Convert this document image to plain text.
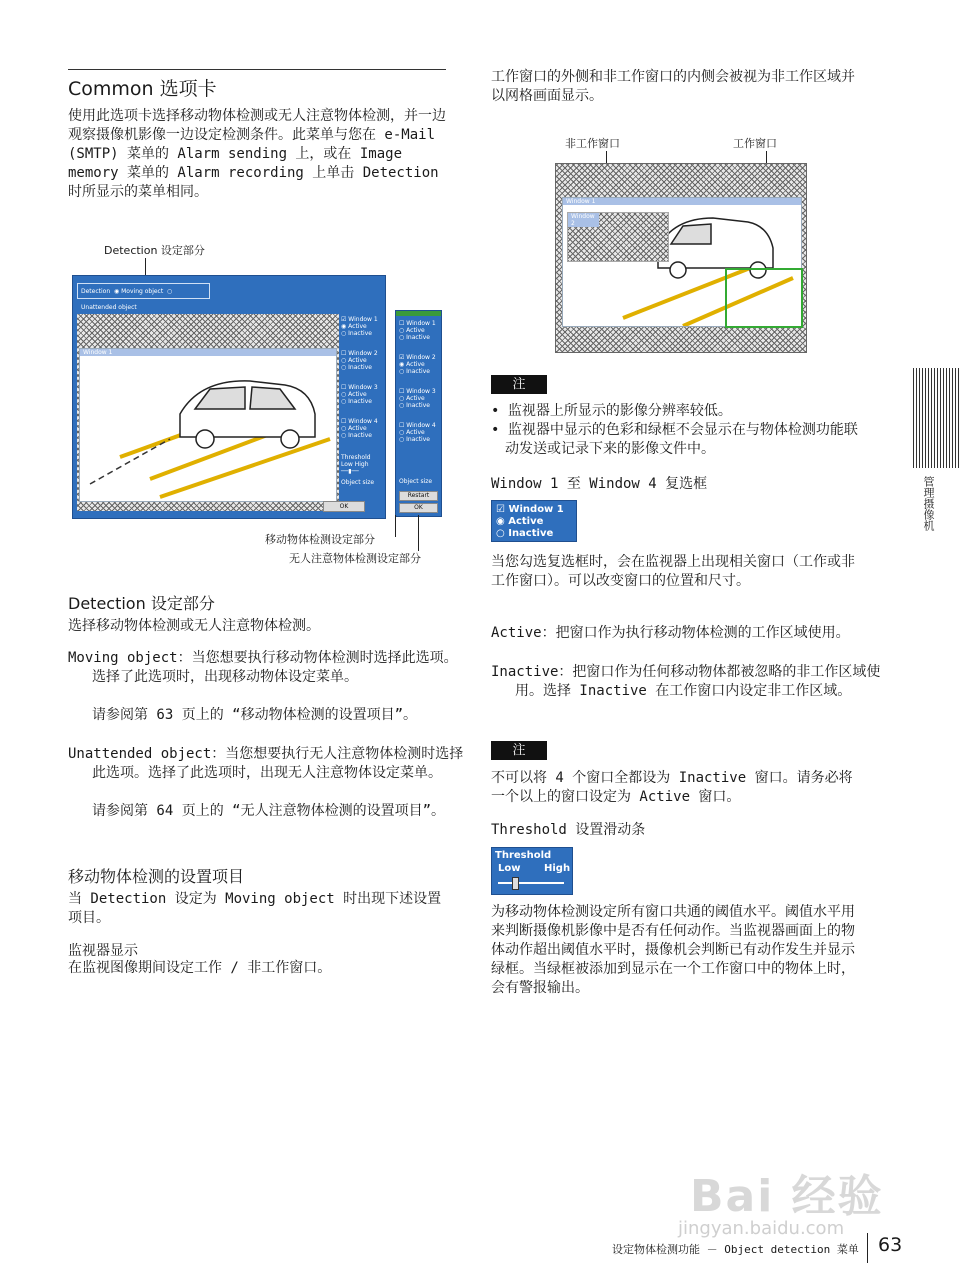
Common 选项卡

使用此选项卡选择移动物体检测或无人注意物体检测，并一边观察摄像机影像一边设定检测条件。此菜单与您在 e-Mail (SMTP) 菜单的 Alarm sending 上，或在 Image memory 菜单的 Alarm recording 上单击 Detection 时所显示的菜单相同。

Detection 设定部分
Detection  ◉ Moving object  ○ Unattended object
Window 1
☑ Window 1
◉ Active
○ Inactive
☐ Window 2
○ Active
○ Inactive
☐ Window 3
○ Active
○ Inactive
☐ Window 4
○ Active
○ Inactive
Threshold
Low High
──▮──
Object size
OK
☐ Window 1
○ Active
○ Inactive
☑ Window 2
◉ Active
○ Inactive
☐ Window 3
○ Active
○ Inactive
☐ Window 4
○ Active
○ Inactive
Object size
Restart
OK
移动物体检测设定部分
无人注意物体检测设定部分
Detection 设定部分

选择移动物体检测或无人注意物体检测。

Moving object：当您想要执行移动物体检测时选择此选项。选择了此选项时，出现移动物体设定菜单。

请参阅第 63 页上的 “移动物体检测的设置项目”。

Unattended object：当您想要执行无人注意物体检测时选择此选项。选择了此选项时，出现无人注意物体设定菜单。

请参阅第 64 页上的 “无人注意物体检测的设置项目”。

移动物体检测的设置项目

当 Detection 设定为 Moving object 时出现下述设置项目。

监视器显示

在监视图像期间设定工作 / 非工作窗口。

工作窗口的外侧和非工作窗口的内侧会被视为非工作区域并以网格画面显示。

非工作窗口	工作窗口
Window 1
Window 2
注
• 监视器上所显示的影像分辨率较低。
• 监视器中显示的色彩和绿框不会显示在与物体检测功能联动发送或记录下来的影像文件中。
Window 1 至 Window 4 复选框
☑ Window 1
◉ Active
○ Inactive

当您勾选复选框时，会在监视器上出现相关窗口（工作或非工作窗口）。可以改变窗口的位置和尺寸。

Active：把窗口作为执行移动物体检测的工作区域使用。

Inactive：把窗口作为任何移动物体都被忽略的非工作区域使用。选择 Inactive 在工作窗口内设定非工作区域。

注

不可以将 4 个窗口全都设为 Inactive 窗口。请务必将一个以上的窗口设定为 Active 窗口。

Threshold 设置滑动条
Threshold
Low High

为移动物体检测设定所有窗口共通的阈值水平。阈值水平用来判断摄像机影像中是否有任何动作。当监视器画面上的物体动作超出阈值水平时，摄像机会判断已有动作发生并显示绿框。当绿框被添加到显示在一个工作窗口中的物体上时，会有警报输出。

管理摄像机
Bai 经验
jingyan.baidu.com
设定物体检测功能 － Object detection 菜单 63
